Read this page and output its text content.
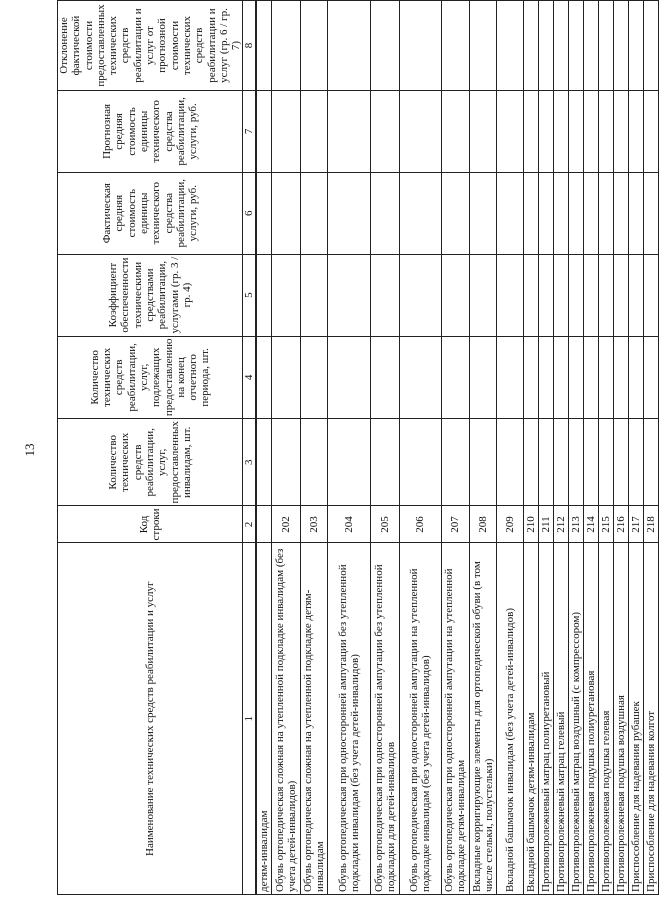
13
Наименование технических средств реабилитации и услуг	Код строки	Количество технических средств реабилитации, услуг, предоставленных инвалидам, шт.	Количество технических средств реабилитации, услуг, подлежащих предоставлению на конец отчетного периода, шт.	Коэффициент обеспеченности техническими средствами реабилитации, услугами (гр. 3 / гр. 4)	Фактическая средняя стоимость единицы технического средства реабилитации, услуги, руб.	Прогнозная средняя стоимость единицы технического средства реабилитации, услуги, руб.	Отклонение фактической стоимости предоставленных технических средств реабилитации и услуг от прогнозной стоимости технических средств реабилитации и услуг (гр. 6 / гр. 7)
1	2	3	4	5	6	7	8
детям-инвалидам							
Обувь ортопедическая сложная на утепленной подкладке инвалидам (без учета детей-инвалидов)	202						
Обувь ортопедическая сложная на утепленной подкладке детям-инвалидам	203						
Обувь ортопедическая при односторонней ампутации без утепленной подкладки инвалидам (без учета детей-инвалидов)	204						
Обувь ортопедическая при односторонней ампутации без утепленной подкладки для детей-инвалидов	205						
Обувь ортопедическая при односторонней ампутации на утепленной подкладке инвалидам (без учета детей-инвалидов)	206						
Обувь ортопедическая при односторонней ампутации на утепленной подкладке детям-инвалидам	207						
Вкладные корригирующие элементы для ортопедической обуви (в том числе стельки, полустельки)	208						
Вкладной башмачок инвалидам (без учета детей-инвалидов)	209						
Вкладной башмачок детям-инвалидам	210						
Противопролежневый матрац полиуретановый	211						
Противопролежневый матрац гелевый	212						
Противопролежневый матрац воздушный (с компрессором)	213						
Противопролежневая подушка полиуретановая	214						
Противопролежневая подушка гелевая	215						
Противопролежневая подушка воздушная	216						
Приспособление для надевания рубашек	217						
Приспособление для надевания колгот	218						
